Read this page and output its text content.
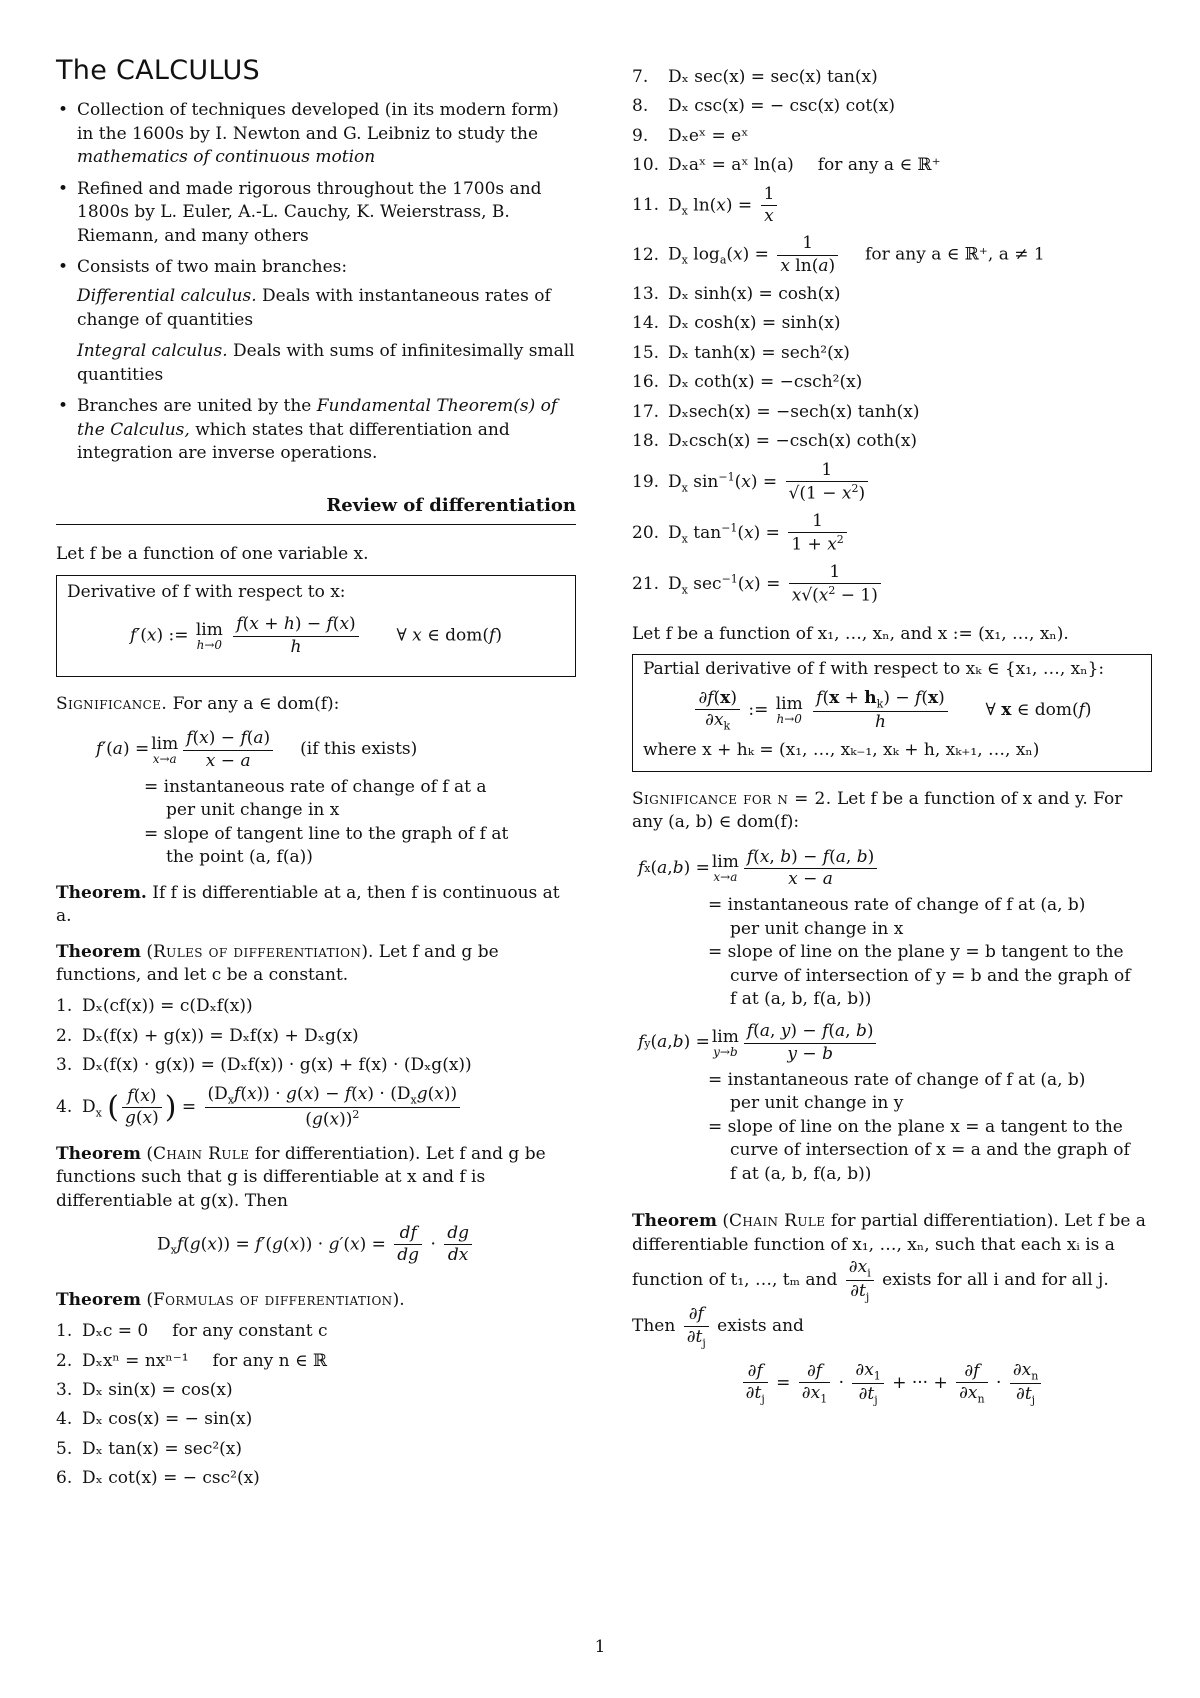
The CALCULUS
• Collection of techniques developed (in its modern form) in the 1600s by I. Newton and G. Leibniz to study the mathematics of continuous motion
• Refined and made rigorous throughout the 1700s and 1800s by L. Euler, A.-L. Cauchy, K. Weierstrass, B. Riemann, and many others
• Consists of two main branches:
Differential calculus. Deals with instantaneous rates of change of quantities
Integral calculus. Deals with sums of infinitesimally small quantities
• Branches are united by the Fundamental Theorem(s) of the Calculus, which states that differentiation and integration are inverse operations.
Review of differentiation
Let f be a function of one variable x.
Derivative of f with respect to x:
f′(x) := lim
h→0
$\frac{f(x + h) - f(x)}{h}$ ∀ x ∈ dom(f)
Significance. For any a ∈ dom(f):
f′ ( a ) = lim
$x\to a \frac{f(x) - f(a)}{x - a} (if$ this exists)
= instantaneous rate of change of f at a
per unit change in x
= slope of tangent line to the graph of f at
the point (a, f(a))
Theorem. If f is differentiable at a, then f is continuous at a.
Theorem (Rules of differentiation). Let f and g be functions, and let c be a constant.
1. Dₓ(cf(x)) = c(Dₓf(x))
2. Dₓ(f(x) + g(x)) = Dₓf(x) + Dₓg(x)
3. Dₓ(f(x) · g(x)) = (Dₓf(x)) · g(x) + f(x) · (Dₓg(x))
4. $D_x$ ( $\frac{f(x)}{g(x)}$ ) = $\frac{(D_xf(x)) \cdot g(x) - f(x) \cdot (D_xg(x))}{(g(x))^2}$
Theorem (Chain Rule for differentiation). Let f and g be functions such that g is differentiable at x and f is differentiable at g(x). Then
$D_xf(g(x)) = f'(g(x)) \cdot g'(x) = \frac{df}{dg} \cdot \frac{dg}{dx}$
Theorem (Formulas of differentiation).
1. Dₓc = 0 for any constant c
2. Dₓxⁿ = nxⁿ⁻¹ for any n ∈ ℝ
3. Dₓ sin(x) = cos(x)
4. Dₓ cos(x) = − sin(x)
5. Dₓ tan(x) = sec²(x)
6. Dₓ cot(x) = − csc²(x)
7. Dₓ sec(x) = sec(x) tan(x)
8. Dₓ csc(x) = − csc(x) cot(x)
9. Dₓeˣ = eˣ
10. Dₓaˣ = aˣ ln(a) for any a ∈ ℝ⁺
11. $D_x$ $\ln(x) = \frac{1}{x}$
12. $D_x$ $\log_a(x) = \frac{1}{\text{x ln(a)}}$ for any a ∈ ℝ⁺, a ≠ 1
13. Dₓ sinh(x) = cosh(x)
14. Dₓ cosh(x) = sinh(x)
15. Dₓ tanh(x) = sech²(x)
16. Dₓ coth(x) = −csch²(x)
17. Dₓsech(x) = −sech(x) tanh(x)
18. Dₓcsch(x) = −csch(x) coth(x)
19. $D_x$ $\sin^{-1}(x) = \frac{1}{√(1 - x^2)}$
20. $D_x$ $\tan^{-1}(x) = \frac{1}{1 + x^2}$
21. $D_x$ $\sec^{-1}(x) = \frac{1}{x√(x^2 - 1)}$
Let f be a function of x₁, …, xₙ, and x := (x₁, …, xₙ).
Partial derivative of f with respect to xₖ ∈ {x₁, …, xₙ}:
$\frac{\partial f(x)}{\partial x_k}$ := lim
h→0
$\frac{f(x + h_k) - f(x)}{h}$ ∀ x ∈ dom(f)
where x + hₖ = (x₁, …, xₖ₋₁, xₖ + h, xₖ₊₁, …, xₙ)
Significance for n = 2. Let f be a function of x and y. For any (a, b) ∈ dom(f):
f x ( a , b ) = lim
$x\to a \frac{f(x, b) - f(a, b)}{x - a}$
= instantaneous rate of change of f at (a, b)
per unit change in x
= slope of line on the plane y = b tangent to the
curve of intersection of y = b and the graph of
f at (a, b, f(a, b))
f y ( a , b ) = lim
$y\to b \frac{f(a, y) - f(a, b)}{y - b}$
= instantaneous rate of change of f at (a, b)
per unit change in y
= slope of line on the plane x = a tangent to the
curve of intersection of x = a and the graph of
f at (a, b, f(a, b))
Theorem (Chain Rule for partial differentiation). Let f be a differentiable function of x₁, …, xₙ, such that each xᵢ is a function of t₁, …, tₘ and $\frac{\partial x_i}{\partial t_j}$ exists for all i and for all j. Then $\frac{\partial f}{\partial t_j}$ exists and
$\frac{\partial f}{\partial t_j} = \frac{\partial f}{\partial x_1} \cdot \frac{\partial x_1}{\partial t_j}$ + ··· + $\frac{\partial f}{\partial x_n} \cdot \frac{\partial x_n}{\partial t_j}$
1
